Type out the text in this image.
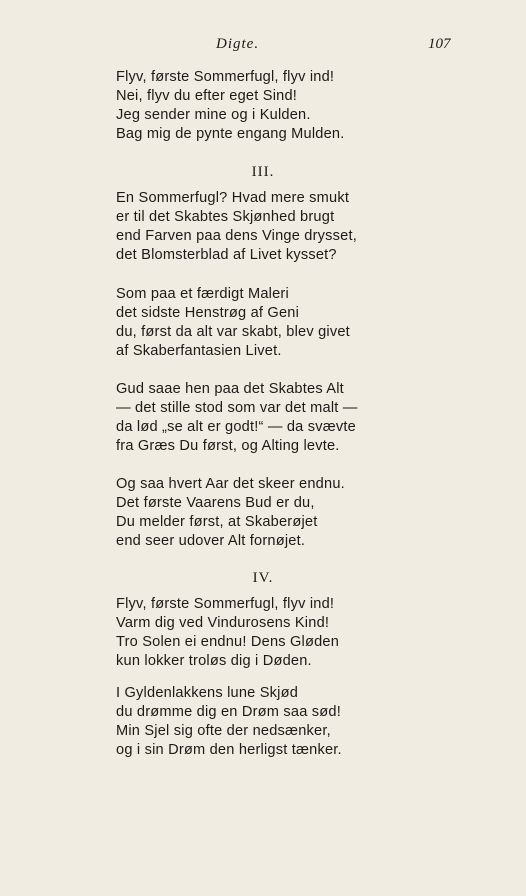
Digte.	107
Flyv, første Sommerfugl, flyv ind!
Nei, flyv du efter eget Sind!
Jeg sender mine og i Kulden.
Bag mig de pynte engang Mulden.
III.
En Sommerfugl? Hvad mere smukt
er til det Skabtes Skjønhed brugt
end Farven paa dens Vinge drysset,
det Blomsterblad af Livet kysset?
Som paa et færdigt Maleri
det sidste Henstrøg af Geni
du, først da alt var skabt, blev givet
af Skaberfantasien Livet.
Gud saae hen paa det Skabtes Alt
— det stille stod som var det malt —
da lød „se alt er godt!“ — da svævte
fra Græs Du først, og Alting levte.
Og saa hvert Aar det skeer endnu.
Det første Vaarens Bud er du,
Du melder først, at Skaberøjet
end seer udover Alt fornøjet.
IV.
Flyv, første Sommerfugl, flyv ind!
Varm dig ved Vindurosens Kind!
Tro Solen ei endnu! Dens Gløden
kun lokker troløs dig i Døden.
I Gyldenlakkens lune Skjød
du drømme dig en Drøm saa sød!
Min Sjel sig ofte der nedsænker,
og i sin Drøm den herligst tænker.
